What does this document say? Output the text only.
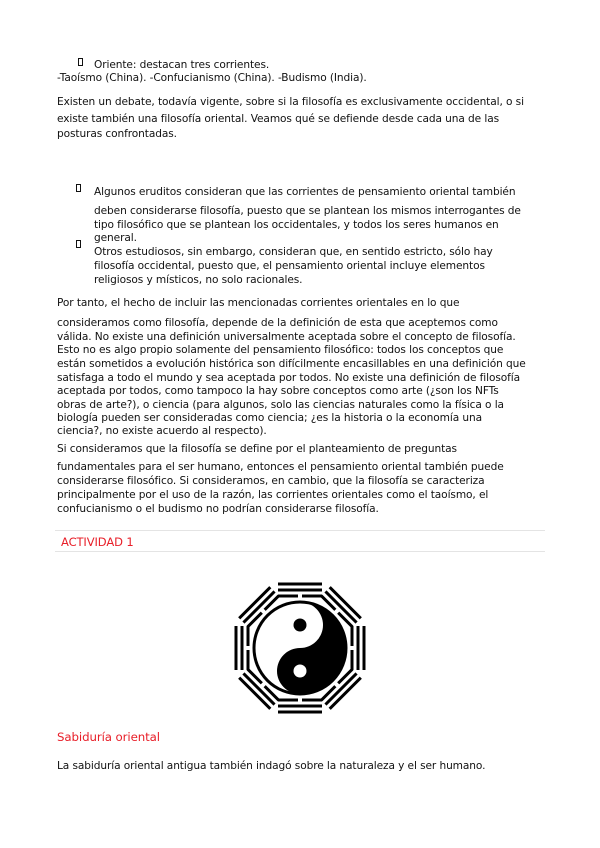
Oriente: destacan tres corrientes.
-Taoísmo (China). -Confucianismo (China). -Budismo (India).
Existen un debate, todavía vigente, sobre si la filosofía es exclusivamente occidental, o si
existe también una filosofía oriental. Veamos qué se defiende desde cada una de las
posturas confrontadas.
Algunos eruditos consideran que las corrientes de pensamiento oriental también
deben considerarse filosofía, puesto que se plantean los mismos interrogantes de
tipo filosófico que se plantean los occidentales, y todos los seres humanos en
general.
Otros estudiosos, sin embargo, consideran que, en sentido estricto, sólo hay
filosofía occidental, puesto que, el pensamiento oriental incluye elementos
religiosos y místicos, no solo racionales.
Por tanto, el hecho de incluir las mencionadas corrientes orientales en lo que
consideramos como filosofía, depende de la definición de esta que aceptemos como
válida. No existe una definición universalmente aceptada sobre el concepto de filosofía.
Esto no es algo propio solamente del pensamiento filosófico: todos los conceptos que
están sometidos a evolución histórica son difícilmente encasillables en una definición que
satisfaga a todo el mundo y sea aceptada por todos. No existe una definición de filosofía
aceptada por todos, como tampoco la hay sobre conceptos como arte (¿son los NFTs
obras de arte?), o ciencia (para algunos, solo las ciencias naturales como la física o la
biología pueden ser consideradas como ciencia; ¿es la historia o la economía una
ciencia?, no existe acuerdo al respecto).
Si consideramos que la filosofía se define por el planteamiento de preguntas
fundamentales para el ser humano, entonces el pensamiento oriental también puede
considerarse filosófico. Si consideramos, en cambio, que la filosofía se caracteriza
principalmente por el uso de la razón, las corrientes orientales como el taoísmo, el
confucianismo o el budismo no podrían considerarse filosofía.
ACTIVIDAD 1
Sabiduría oriental
La sabiduría oriental antigua también indagó sobre la naturaleza y el ser humano.
